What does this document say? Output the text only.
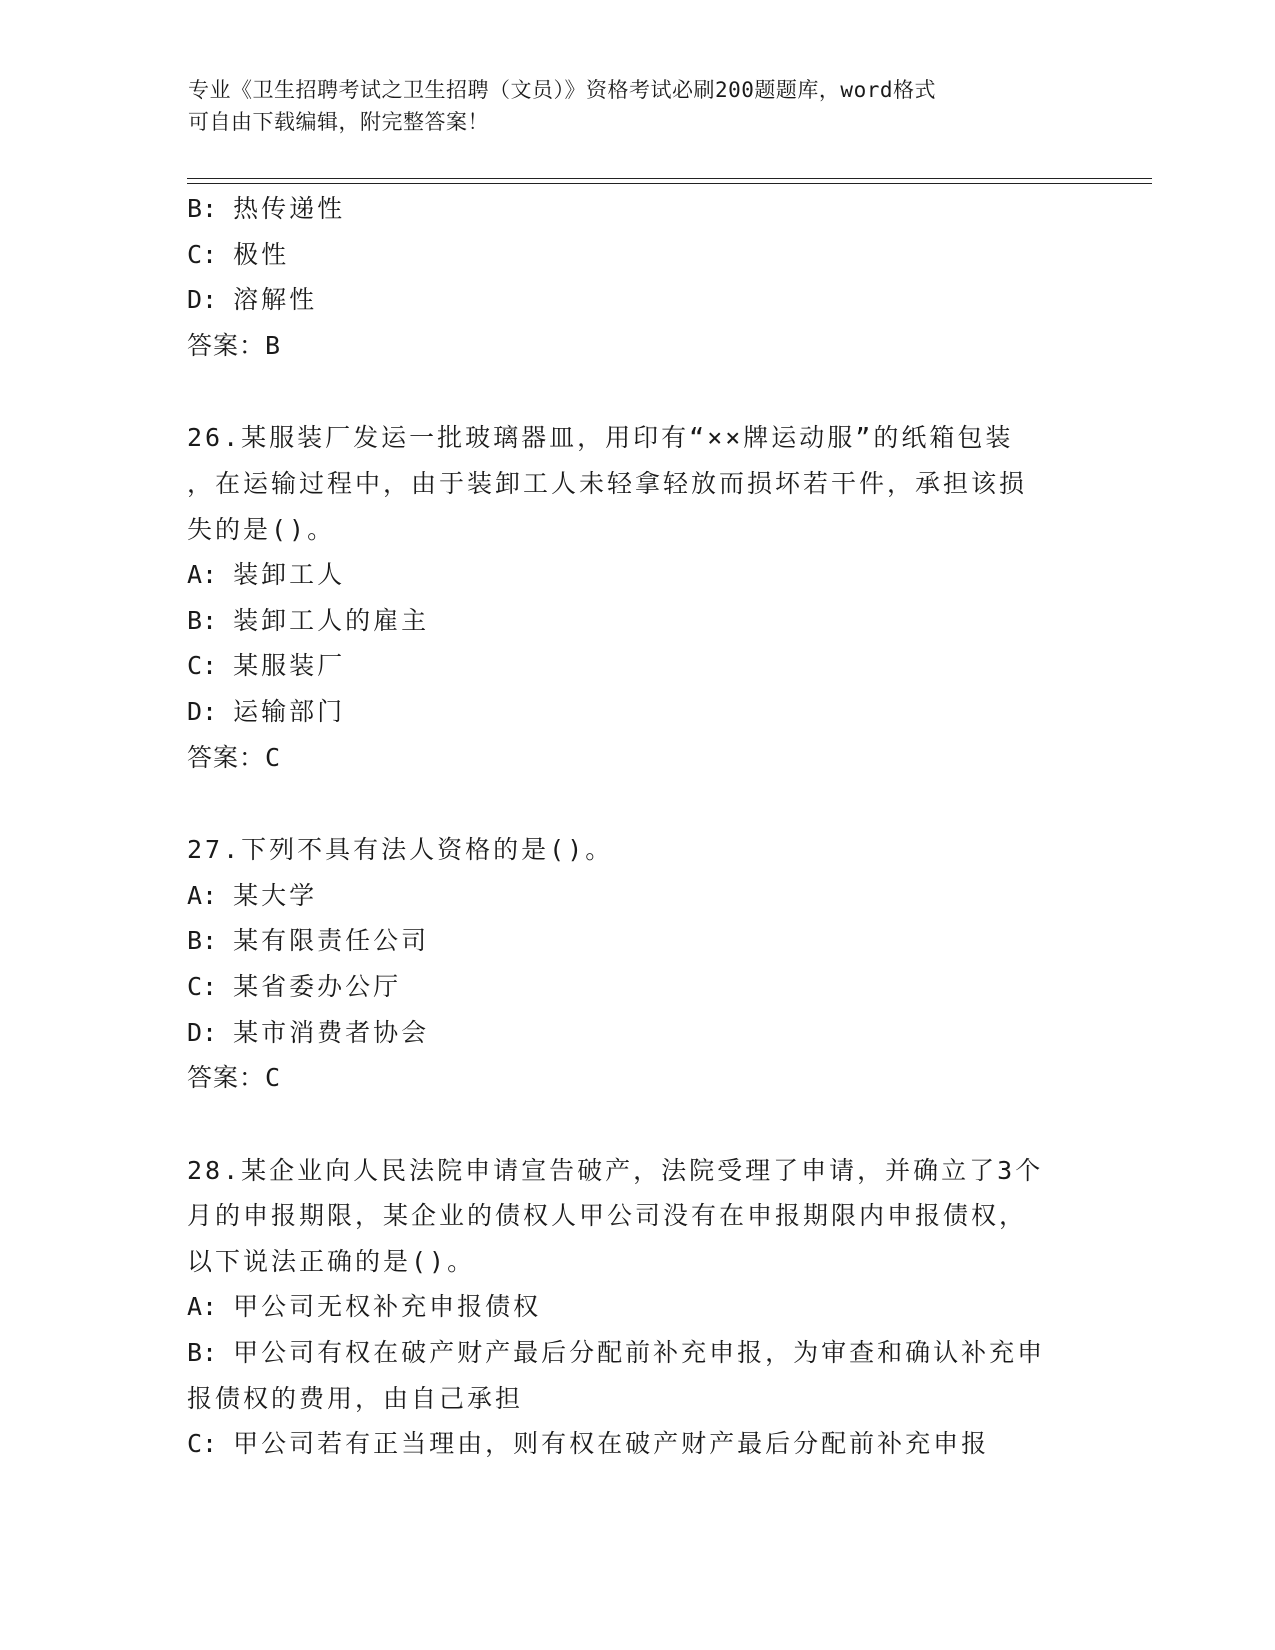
专业《卫生招聘考试之卫生招聘（文员）》资格考试必刷200题题库，word格式
可自由下载编辑，附完整答案！
B: 热传递性
C: 极性
D: 溶解性
答案：B
26.某服装厂发运一批玻璃器皿，用印有“××牌运动服”的纸箱包装
，在运输过程中，由于装卸工人未轻拿轻放而损坏若干件，承担该损
失的是()。
A: 装卸工人
B: 装卸工人的雇主
C: 某服装厂
D: 运输部门
答案：C
27.下列不具有法人资格的是()。
A: 某大学
B: 某有限责任公司
C: 某省委办公厅
D: 某市消费者协会
答案：C
28.某企业向人民法院申请宣告破产，法院受理了申请，并确立了3个
月的申报期限，某企业的债权人甲公司没有在申报期限内申报债权，
以下说法正确的是()。
A: 甲公司无权补充申报债权
B: 甲公司有权在破产财产最后分配前补充申报，为审查和确认补充申
报债权的费用，由自己承担
C: 甲公司若有正当理由，则有权在破产财产最后分配前补充申报
